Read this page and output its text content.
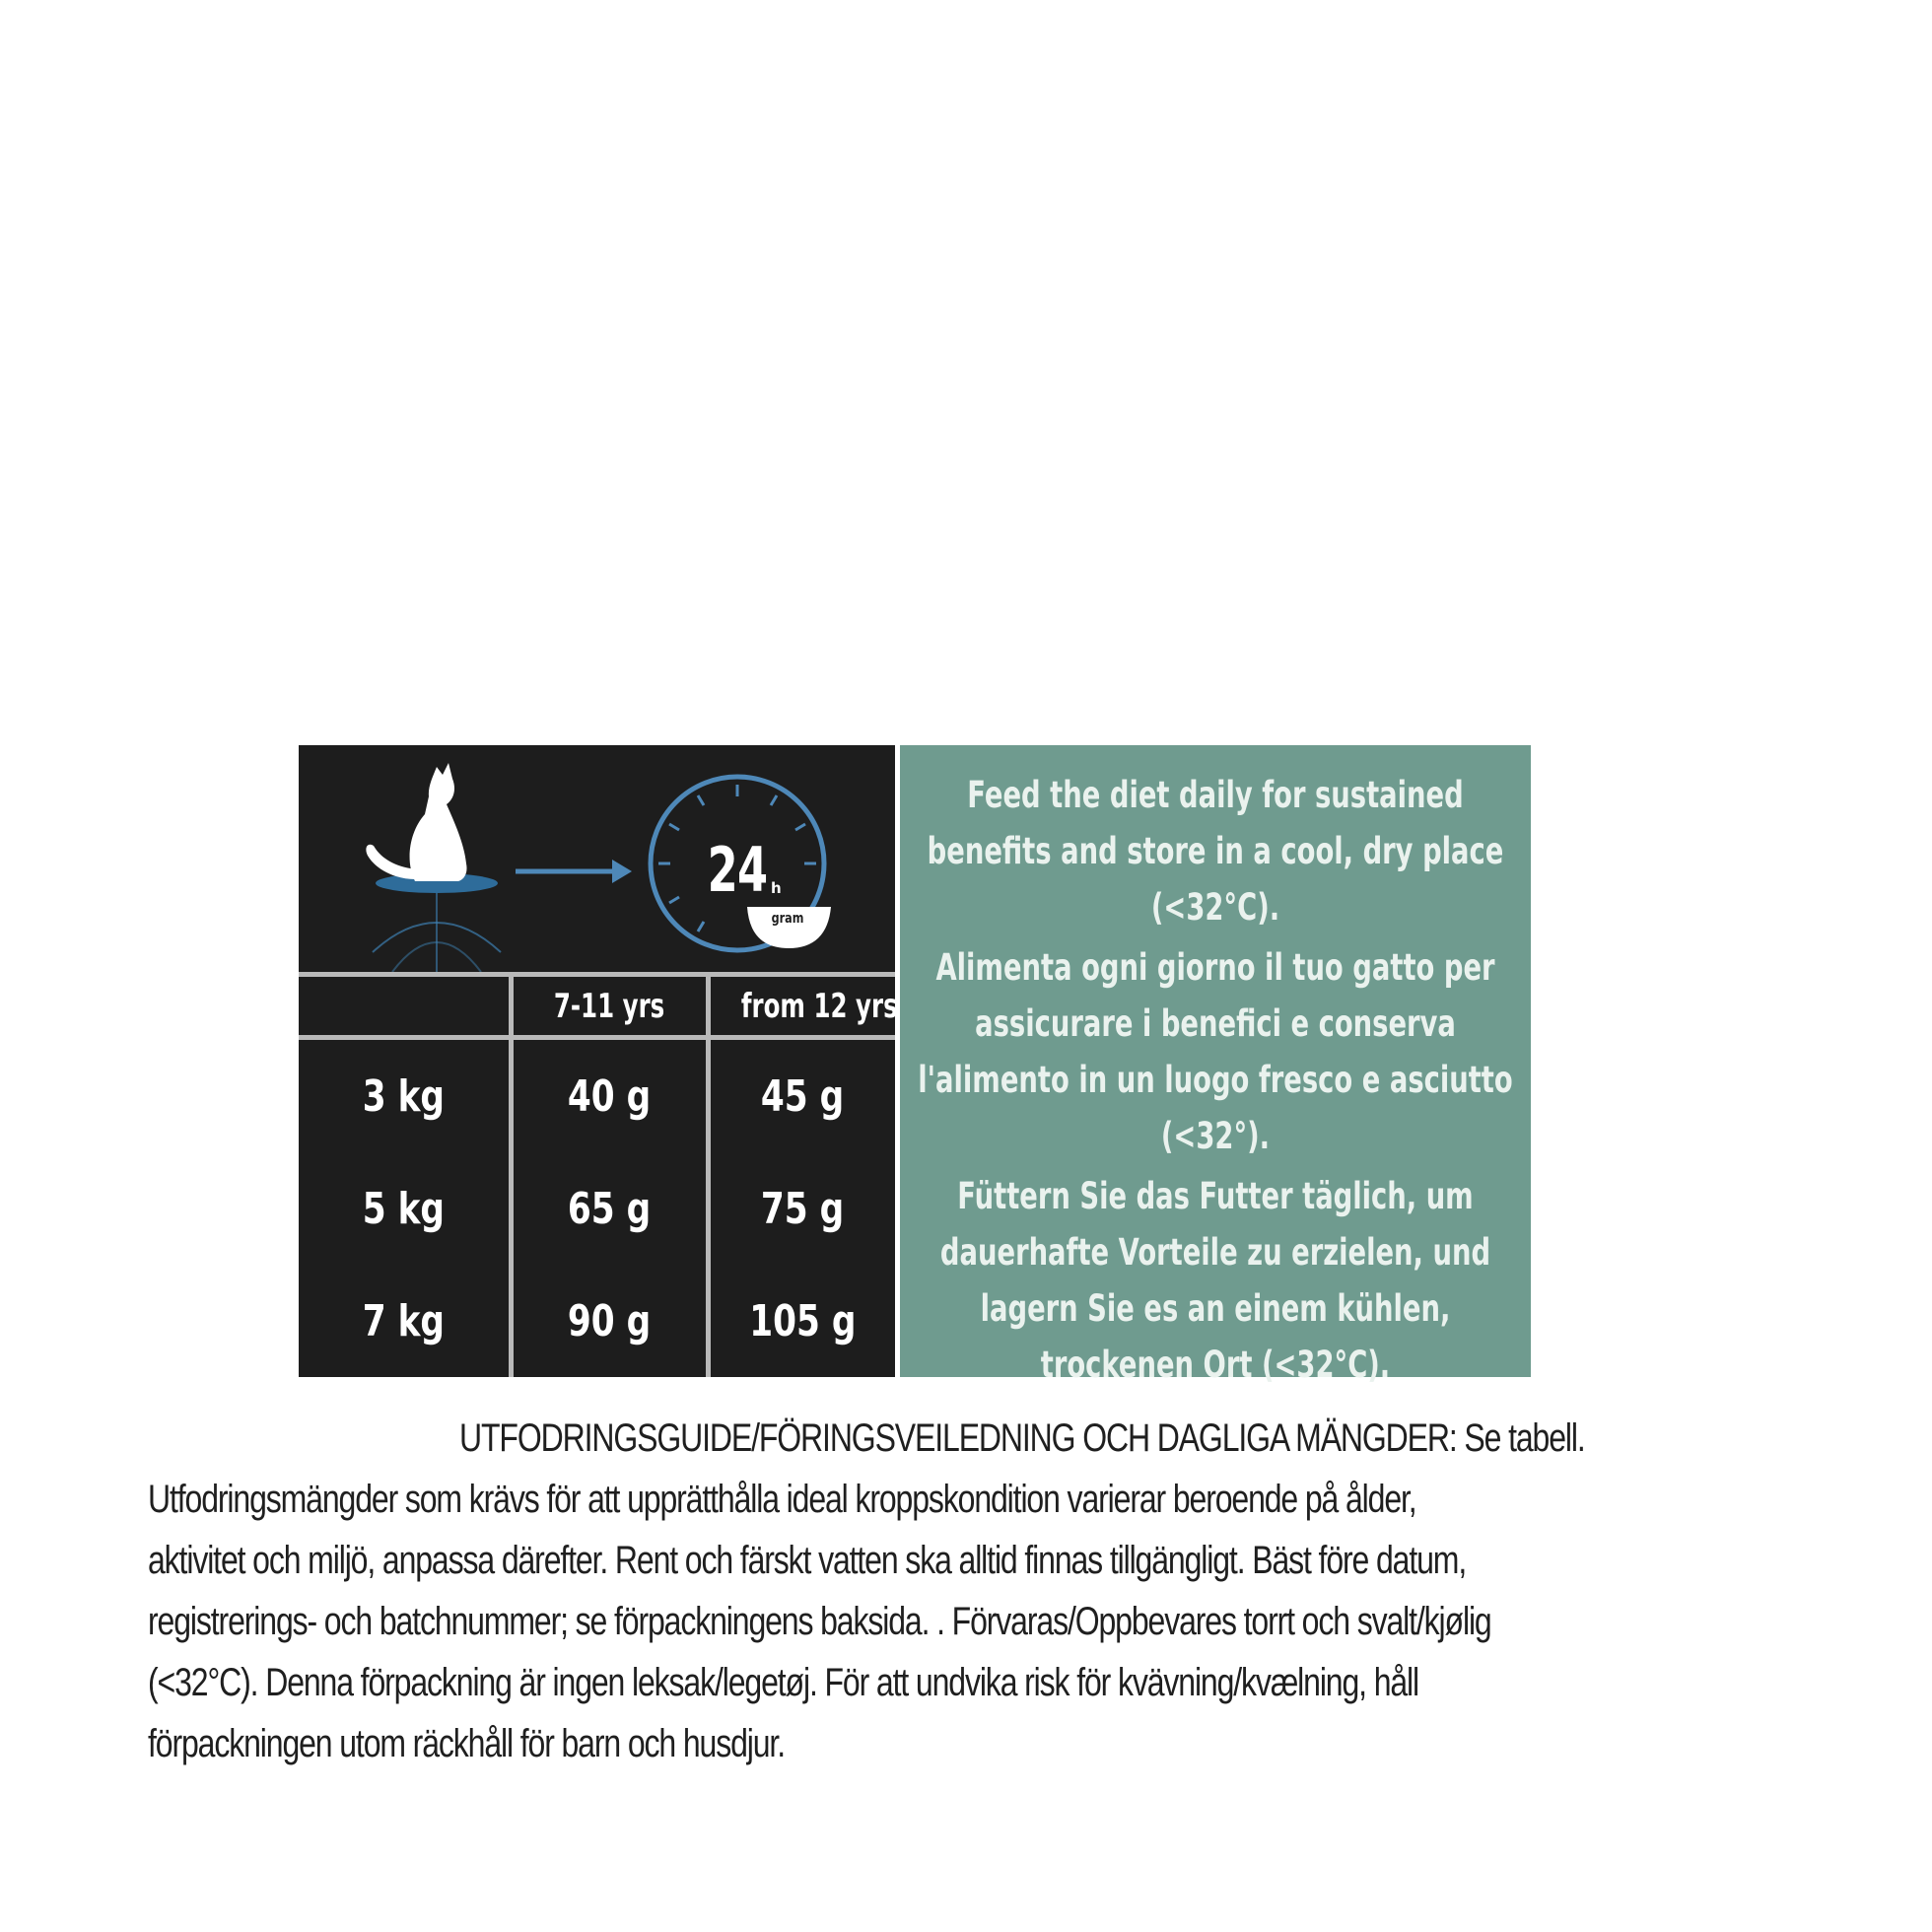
24 h
gram
	7-11 yrs	from 12 yrs
3 kg	40 g	45 g
5 kg	65 g	75 g
7 kg	90 g	105 g

Feed the diet daily for sustained benefits and store in a cool, dry place (<32°C).

Alimenta ogni giorno il tuo gatto per assicurare i benefici e conserva l'alimento in un luogo fresco e asciutto (<32°).

Füttern Sie das Futter täglich, um dauerhafte Vorteile zu erzielen, und lagern Sie es an einem kühlen, trockenen Ort (<32°C).

UTFODRINGSGUIDE/FÖRINGSVEILEDNING OCH DAGLIGA MÄNGDER: Se tabell.
Utfodringsmängder som krävs för att upprätthålla ideal kroppskondition varierar beroende på ålder,
aktivitet och miljö, anpassa därefter. Rent och färskt vatten ska alltid finnas tillgängligt. Bäst före datum,
registrerings- och batchnummer; se förpackningens baksida. . Förvaras/Oppbevares torrt och svalt/kjølig
(<32°C). Denna förpackning är ingen leksak/legetøj. För att undvika risk för kvävning/kvælning, håll
förpackningen utom räckhåll för barn och husdjur.
